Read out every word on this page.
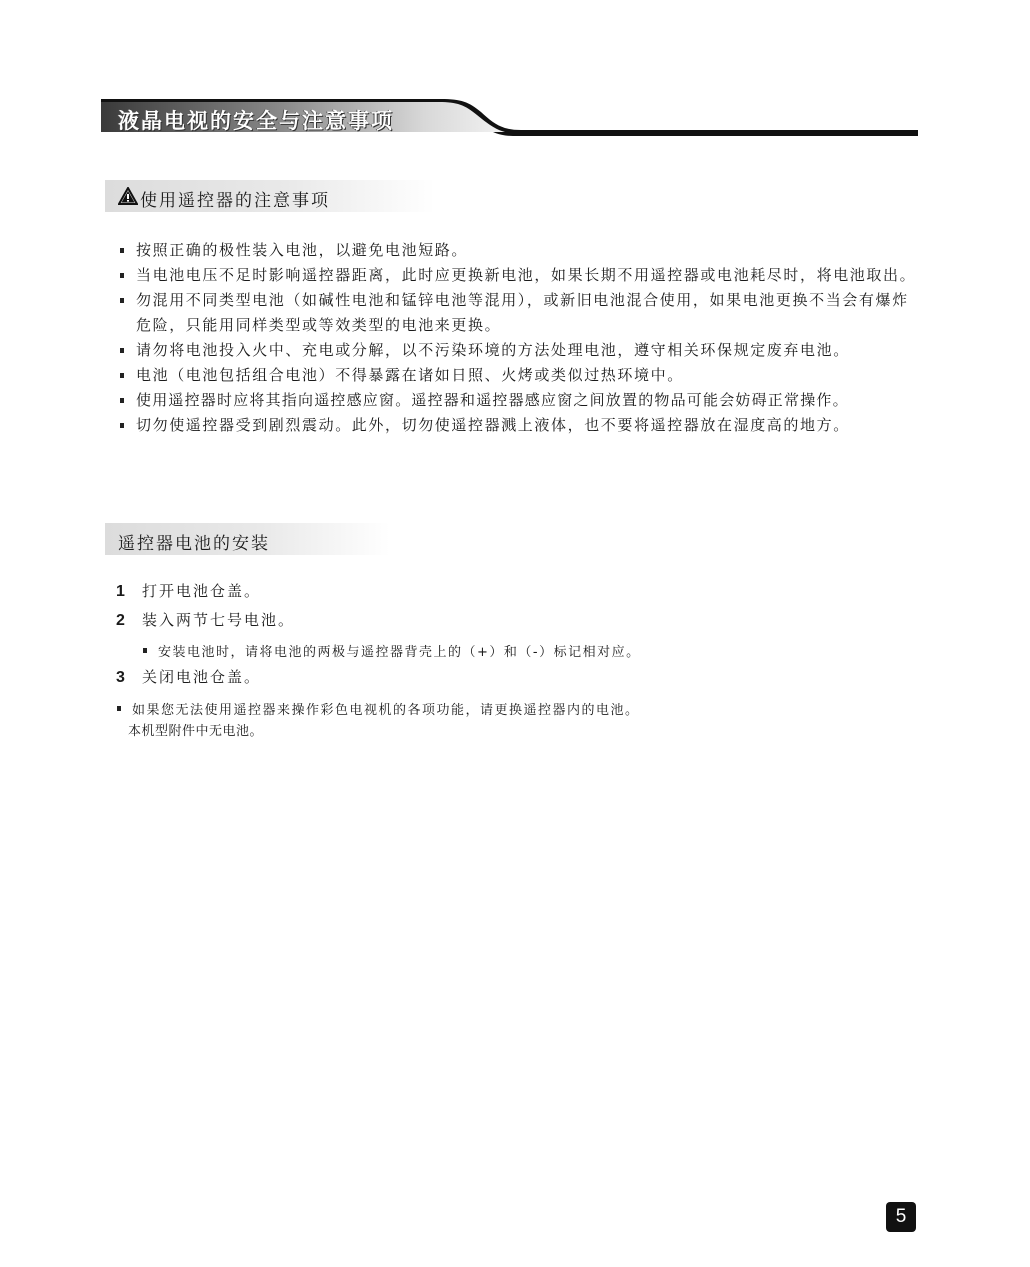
液晶电视的安全与注意事项
使用遥控器的注意事项
按照正确的极性装入电池，以避免电池短路。
当电池电压不足时影响遥控器距离，此时应更换新电池，如果长期不用遥控器或电池耗尽时，将电池取出。
勿混用不同类型电池（如碱性电池和锰锌电池等混用），或新旧电池混合使用，如果电池更换不当会有爆炸危险，只能用同样类型或等效类型的电池来更换。
请勿将电池投入火中、充电或分解，以不污染环境的方法处理电池，遵守相关环保规定废弃电池。
电池（电池包括组合电池）不得暴露在诸如日照、火烤或类似过热环境中。
使用遥控器时应将其指向遥控感应窗。遥控器和遥控器感应窗之间放置的物品可能会妨碍正常操作。
切勿使遥控器受到剧烈震动。此外，切勿使遥控器溅上液体，也不要将遥控器放在湿度高的地方。
遥控器电池的安装
1 打开电池仓盖。
2 装入两节七号电池。
安装电池时，请将电池的两极与遥控器背壳上的（+）和（-）标记相对应。
3 关闭电池仓盖。
如果您无法使用遥控器来操作彩色电视机的各项功能，请更换遥控器内的电池。
本机型附件中无电池。
5
